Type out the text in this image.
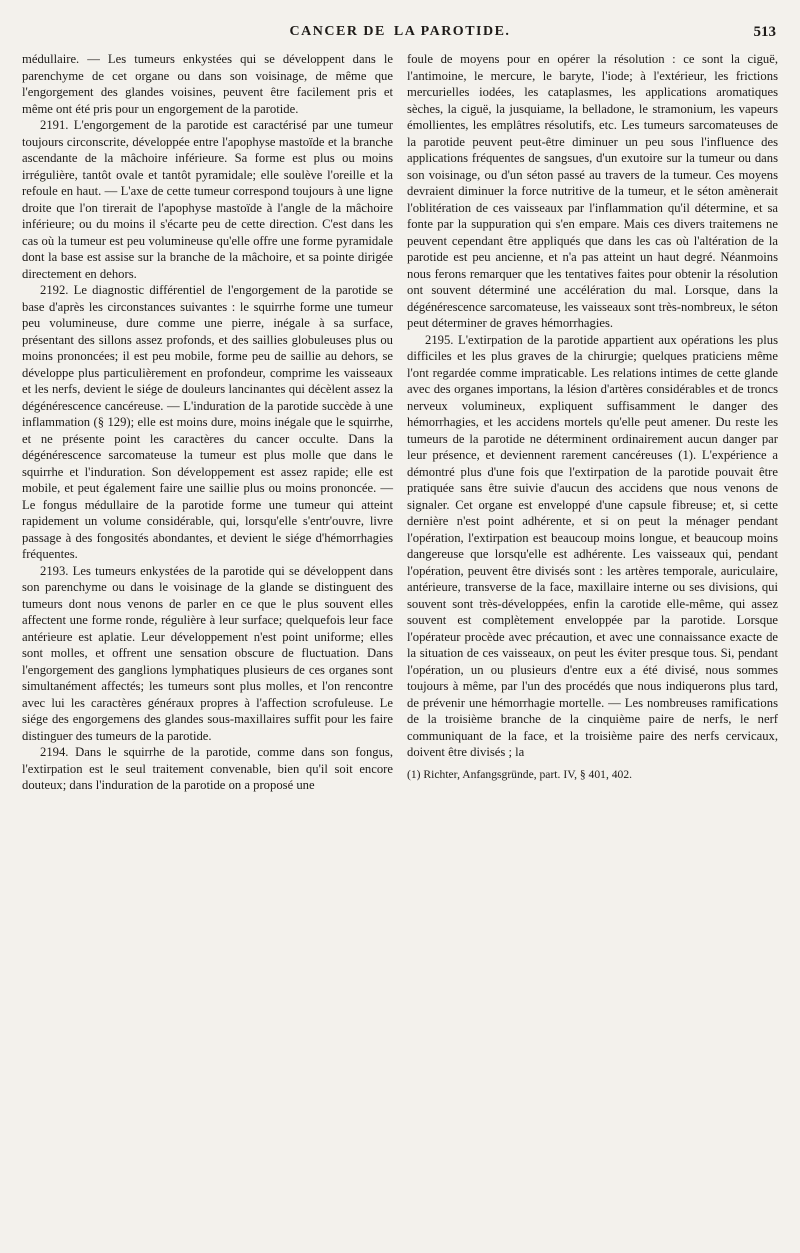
CANCER DE LA PAROTIDE.	513

médullaire. — Les tumeurs enkystées qui se développent dans le parenchyme de cet organe ou dans son voisinage, de même que l'engorgement des glandes voisines, peuvent être facilement pris et même ont été pris pour un engorgement de la parotide.

2191. L'engorgement de la parotide est caractérisé par une tumeur toujours circonscrite, développée entre l'apophyse mastoïde et la branche ascendante de la mâchoire inférieure. Sa forme est plus ou moins irrégulière, tantôt ovale et tantôt pyramidale; elle soulève l'oreille et la refoule en haut. — L'axe de cette tumeur correspond toujours à une ligne droite que l'on tirerait de l'apophyse mastoïde à l'angle de la mâchoire inférieure; ou du moins il s'écarte peu de cette direction. C'est dans les cas où la tumeur est peu volumineuse qu'elle offre une forme pyramidale dont la base est assise sur la branche de la mâchoire, et sa pointe dirigée directement en dehors.

2192. Le diagnostic différentiel de l'engorgement de la parotide se base d'après les circonstances suivantes : le squirrhe forme une tumeur peu volumineuse, dure comme une pierre, inégale à sa surface, présentant des sillons assez profonds, et des saillies globuleuses plus ou moins prononcées; il est peu mobile, forme peu de saillie au dehors, se développe plus particulièrement en profondeur, comprime les vaisseaux et les nerfs, devient le siége de douleurs lancinantes qui décèlent assez la dégénérescence cancéreuse. — L'induration de la parotide succède à une inflammation (§ 129); elle est moins dure, moins inégale que le squirrhe, et ne présente point les caractères du cancer occulte. Dans la dégénérescence sarcomateuse la tumeur est plus molle que dans le squirrhe et l'induration. Son développement est assez rapide; elle est mobile, et peut également faire une saillie plus ou moins prononcée. — Le fongus médullaire de la parotide forme une tumeur qui atteint rapidement un volume considérable, qui, lorsqu'elle s'entr'ouvre, livre passage à des fongosités abondantes, et devient le siége d'hémorrhagies fréquentes.

2193. Les tumeurs enkystées de la parotide qui se développent dans son parenchyme ou dans le voisinage de la glande se distinguent des tumeurs dont nous venons de parler en ce que le plus souvent elles affectent une forme ronde, régulière à leur surface; quelquefois leur face antérieure est aplatie. Leur développement n'est point uniforme; elles sont molles, et offrent une sensation obscure de fluctuation. Dans l'engorgement des ganglions lymphatiques plusieurs de ces organes sont simultanément affectés; les tumeurs sont plus molles, et l'on rencontre avec lui les caractères généraux propres à l'affection scrofuleuse. Le siége des engorgemens des glandes sous-maxillaires suffit pour les faire distinguer des tumeurs de la parotide.

2194. Dans le squirrhe de la parotide, comme dans son fongus, l'extirpation est le seul traitement convenable, bien qu'il soit encore douteux; dans l'induration de la parotide on a proposé une

foule de moyens pour en opérer la résolution : ce sont la ciguë, l'antimoine, le mercure, le baryte, l'iode; à l'extérieur, les frictions mercurielles iodées, les cataplasmes, les applications aromatiques sèches, la ciguë, la jusquiame, la belladone, le stramonium, les vapeurs émollientes, les emplâtres résolutifs, etc. Les tumeurs sarcomateuses de la parotide peuvent peut-être diminuer un peu sous l'influence des applications fréquentes de sangsues, d'un exutoire sur la tumeur ou dans son voisinage, ou d'un séton passé au travers de la tumeur. Ces moyens devraient diminuer la force nutritive de la tumeur, et le séton amènerait l'oblitération de ces vaisseaux par l'inflammation qu'il détermine, et sa fonte par la suppuration qui s'en empare. Mais ces divers traitemens ne peuvent cependant être appliqués que dans les cas où l'altération de la parotide est peu ancienne, et n'a pas atteint un haut degré. Néanmoins nous ferons remarquer que les tentatives faites pour obtenir la résolution ont souvent déterminé une accélération du mal. Lorsque, dans la dégénérescence sarcomateuse, les vaisseaux sont très-nombreux, le séton peut déterminer de graves hémorrhagies.

2195. L'extirpation de la parotide appartient aux opérations les plus difficiles et les plus graves de la chirurgie; quelques praticiens même l'ont regardée comme impraticable. Les relations intimes de cette glande avec des organes importans, la lésion d'artères considérables et de troncs nerveux volumineux, expliquent suffisamment le danger des hémorrhagies, et les accidens mortels qu'elle peut amener. Du reste les tumeurs de la parotide ne déterminent ordinairement aucun danger par leur présence, et deviennent rarement cancéreuses (1). L'expérience a démontré plus d'une fois que l'extirpation de la parotide pouvait être pratiquée sans être suivie d'aucun des accidens que nous venons de signaler. Cet organe est enveloppé d'une capsule fibreuse; et, si cette dernière n'est point adhérente, et si on peut la ménager pendant l'opération, l'extirpation est beaucoup moins longue, et beaucoup moins dangereuse que lorsqu'elle est adhérente. Les vaisseaux qui, pendant l'opération, peuvent être divisés sont : les artères temporale, auriculaire, antérieure, transverse de la face, maxillaire interne ou ses divisions, qui souvent sont très-développées, enfin la carotide elle-même, qui assez souvent est complètement enveloppée par la parotide. Lorsque l'opérateur procède avec précaution, et avec une connaissance exacte de la situation de ces vaisseaux, on peut les éviter presque tous. Si, pendant l'opération, un ou plusieurs d'entre eux a été divisé, nous sommes toujours à même, par l'un des procédés que nous indiquerons plus tard, de prévenir une hémorrhagie mortelle. — Les nombreuses ramifications de la troisième branche de la cinquième paire de nerfs, le nerf communiquant de la face, et la troisième paire des nerfs cervicaux, doivent être divisés ; la

(1) Richter, Anfangsgründe, part. IV, § 401, 402.
